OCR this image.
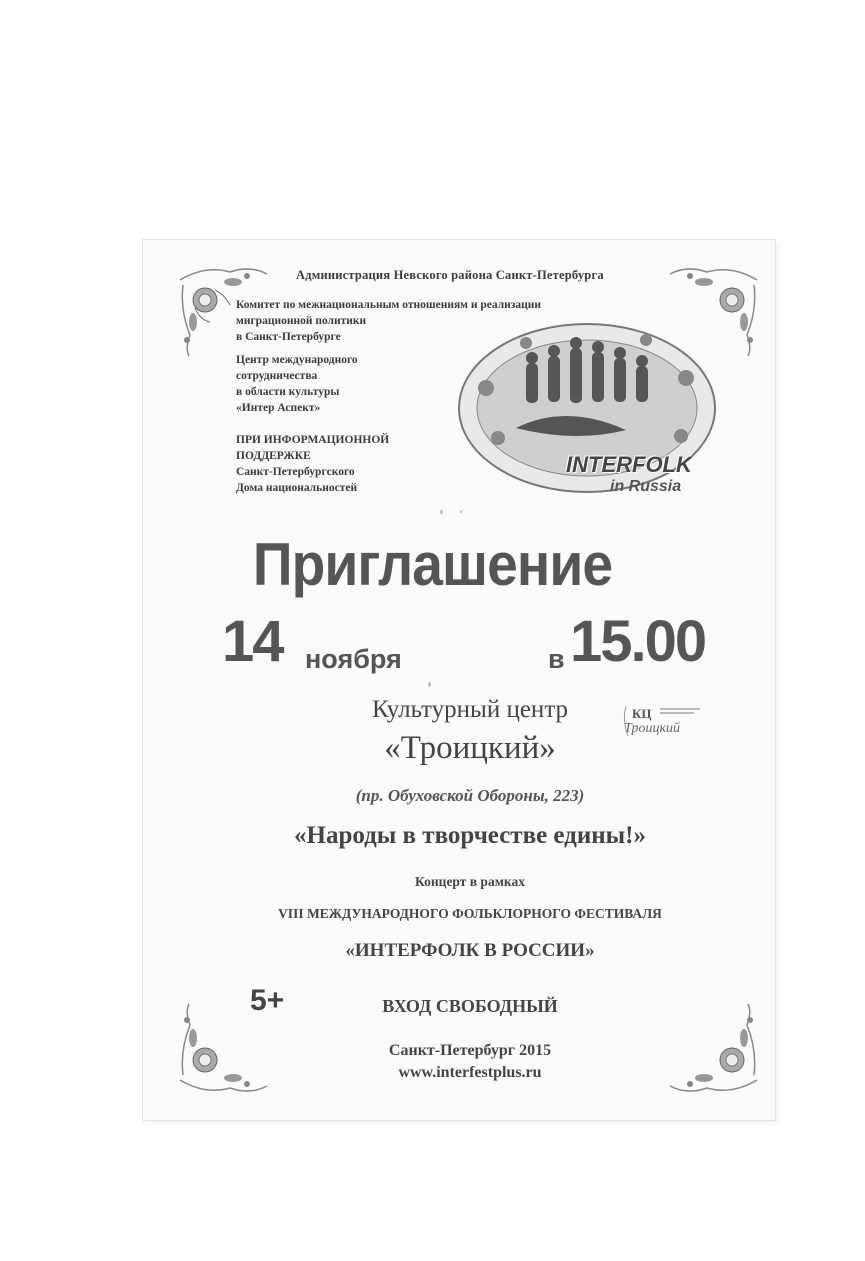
Администрация Невского района Санкт-Петербурга
Комитет по межнациональным отношениям и реализации
миграционной политики
в Санкт-Петербурге
Центр международного
сотрудничества
в области культуры
«Интер Аспект»
ПРИ ИНФОРМАЦИОННОЙ
ПОДДЕРЖКЕ
Санкт-Петербургского
Дома национальностей
INTERFOLK
in Russia
Приглашение
14 ноября	в 15.00
Культурный центр
«Троицкий»
КЦ
Троицкий
(пр. Обуховской Обороны, 223)
«Народы в творчестве едины!»
Концерт в рамках
VIII МЕЖДУНАРОДНОГО ФОЛЬКЛОРНОГО ФЕСТИВАЛЯ
«ИНТЕРФОЛК В РОССИИ»
5+	ВХОД СВОБОДНЫЙ
Санкт-Петербург 2015
www.interfestplus.ru
